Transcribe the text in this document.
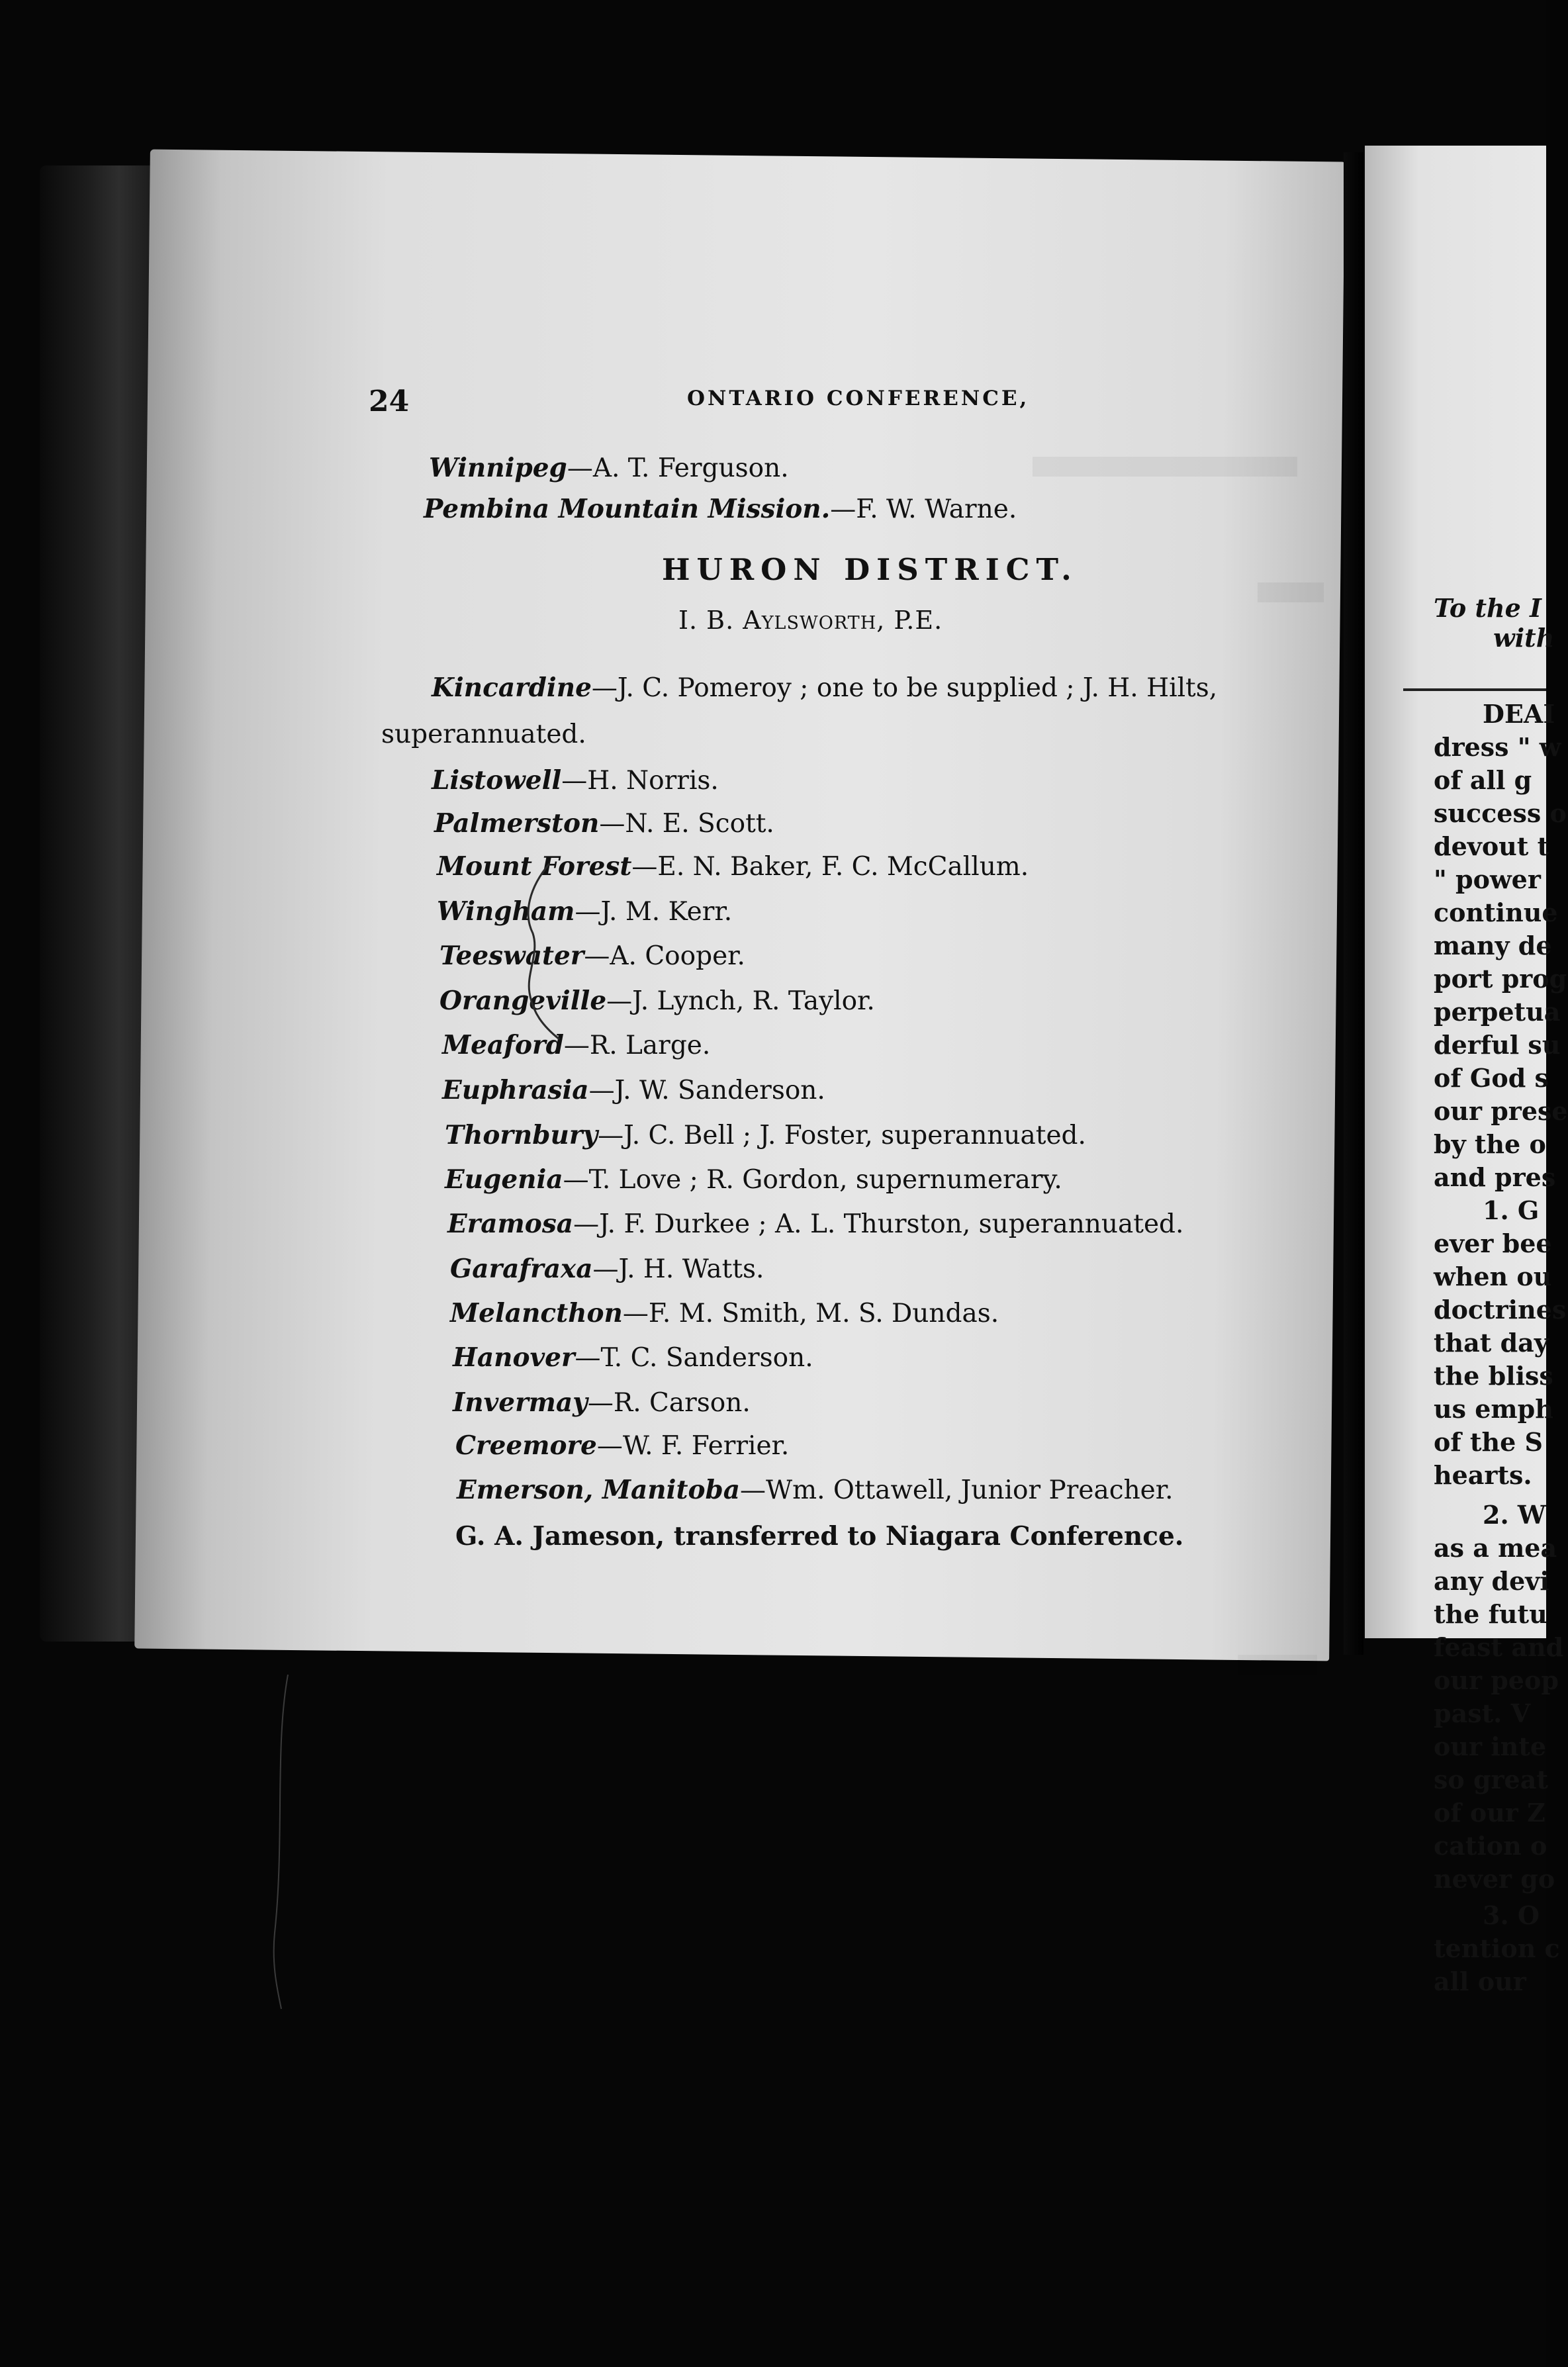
24	ONTARIO CONFERENCE,
Winnipeg—A. T. Ferguson.
Pembina Mountain Mission.—F. W. Warne.
HURON DISTRICT.
I. B. Aylsworth, P.E.
Kincardine—J. C. Pomeroy ; one to be supplied ; J. H. Hilts,
superannuated.
Listowell—H. Norris.
Palmerston—N. E. Scott.
Mount Forest—E. N. Baker, F. C. McCallum.
Wingham—J. M. Kerr.
Teeswater—A. Cooper.
Orangeville—J. Lynch, R. Taylor.
Meaford—R. Large.
Euphrasia—J. W. Sanderson.
Thornbury—J. C. Bell ; J. Foster, superannuated.
Eugenia—T. Love ; R. Gordon, supernumerary.
Eramosa—J. F. Durkee ; A. L. Thurston, superannuated.
Garafraxa—J. H. Watts.
Melancthon—F. M. Smith, M. S. Dundas.
Hanover—T. C. Sanderson.
Invermay—R. Carson.
Creemore—W. F. Ferrier.
Emerson, Manitoba—Wm. Ottawell, Junior Preacher.
G. A. Jameson, transferred to Niagara Conference.
To the I
with
DEAI
dress " w
of all g
success o
devout t
" power
continue
many de
port prog
perpetua
derful su
of God s
our prese
by the o
and pres
1. G
ever bee
when ou
doctrines
that day
the bliss
us emph
of the S
hearts.
2. W
as a mea
any devi
the futu
feast and
our peop
past. V
our inte
so great
of our Z
cation o
never go
3. O
tention c
all our
